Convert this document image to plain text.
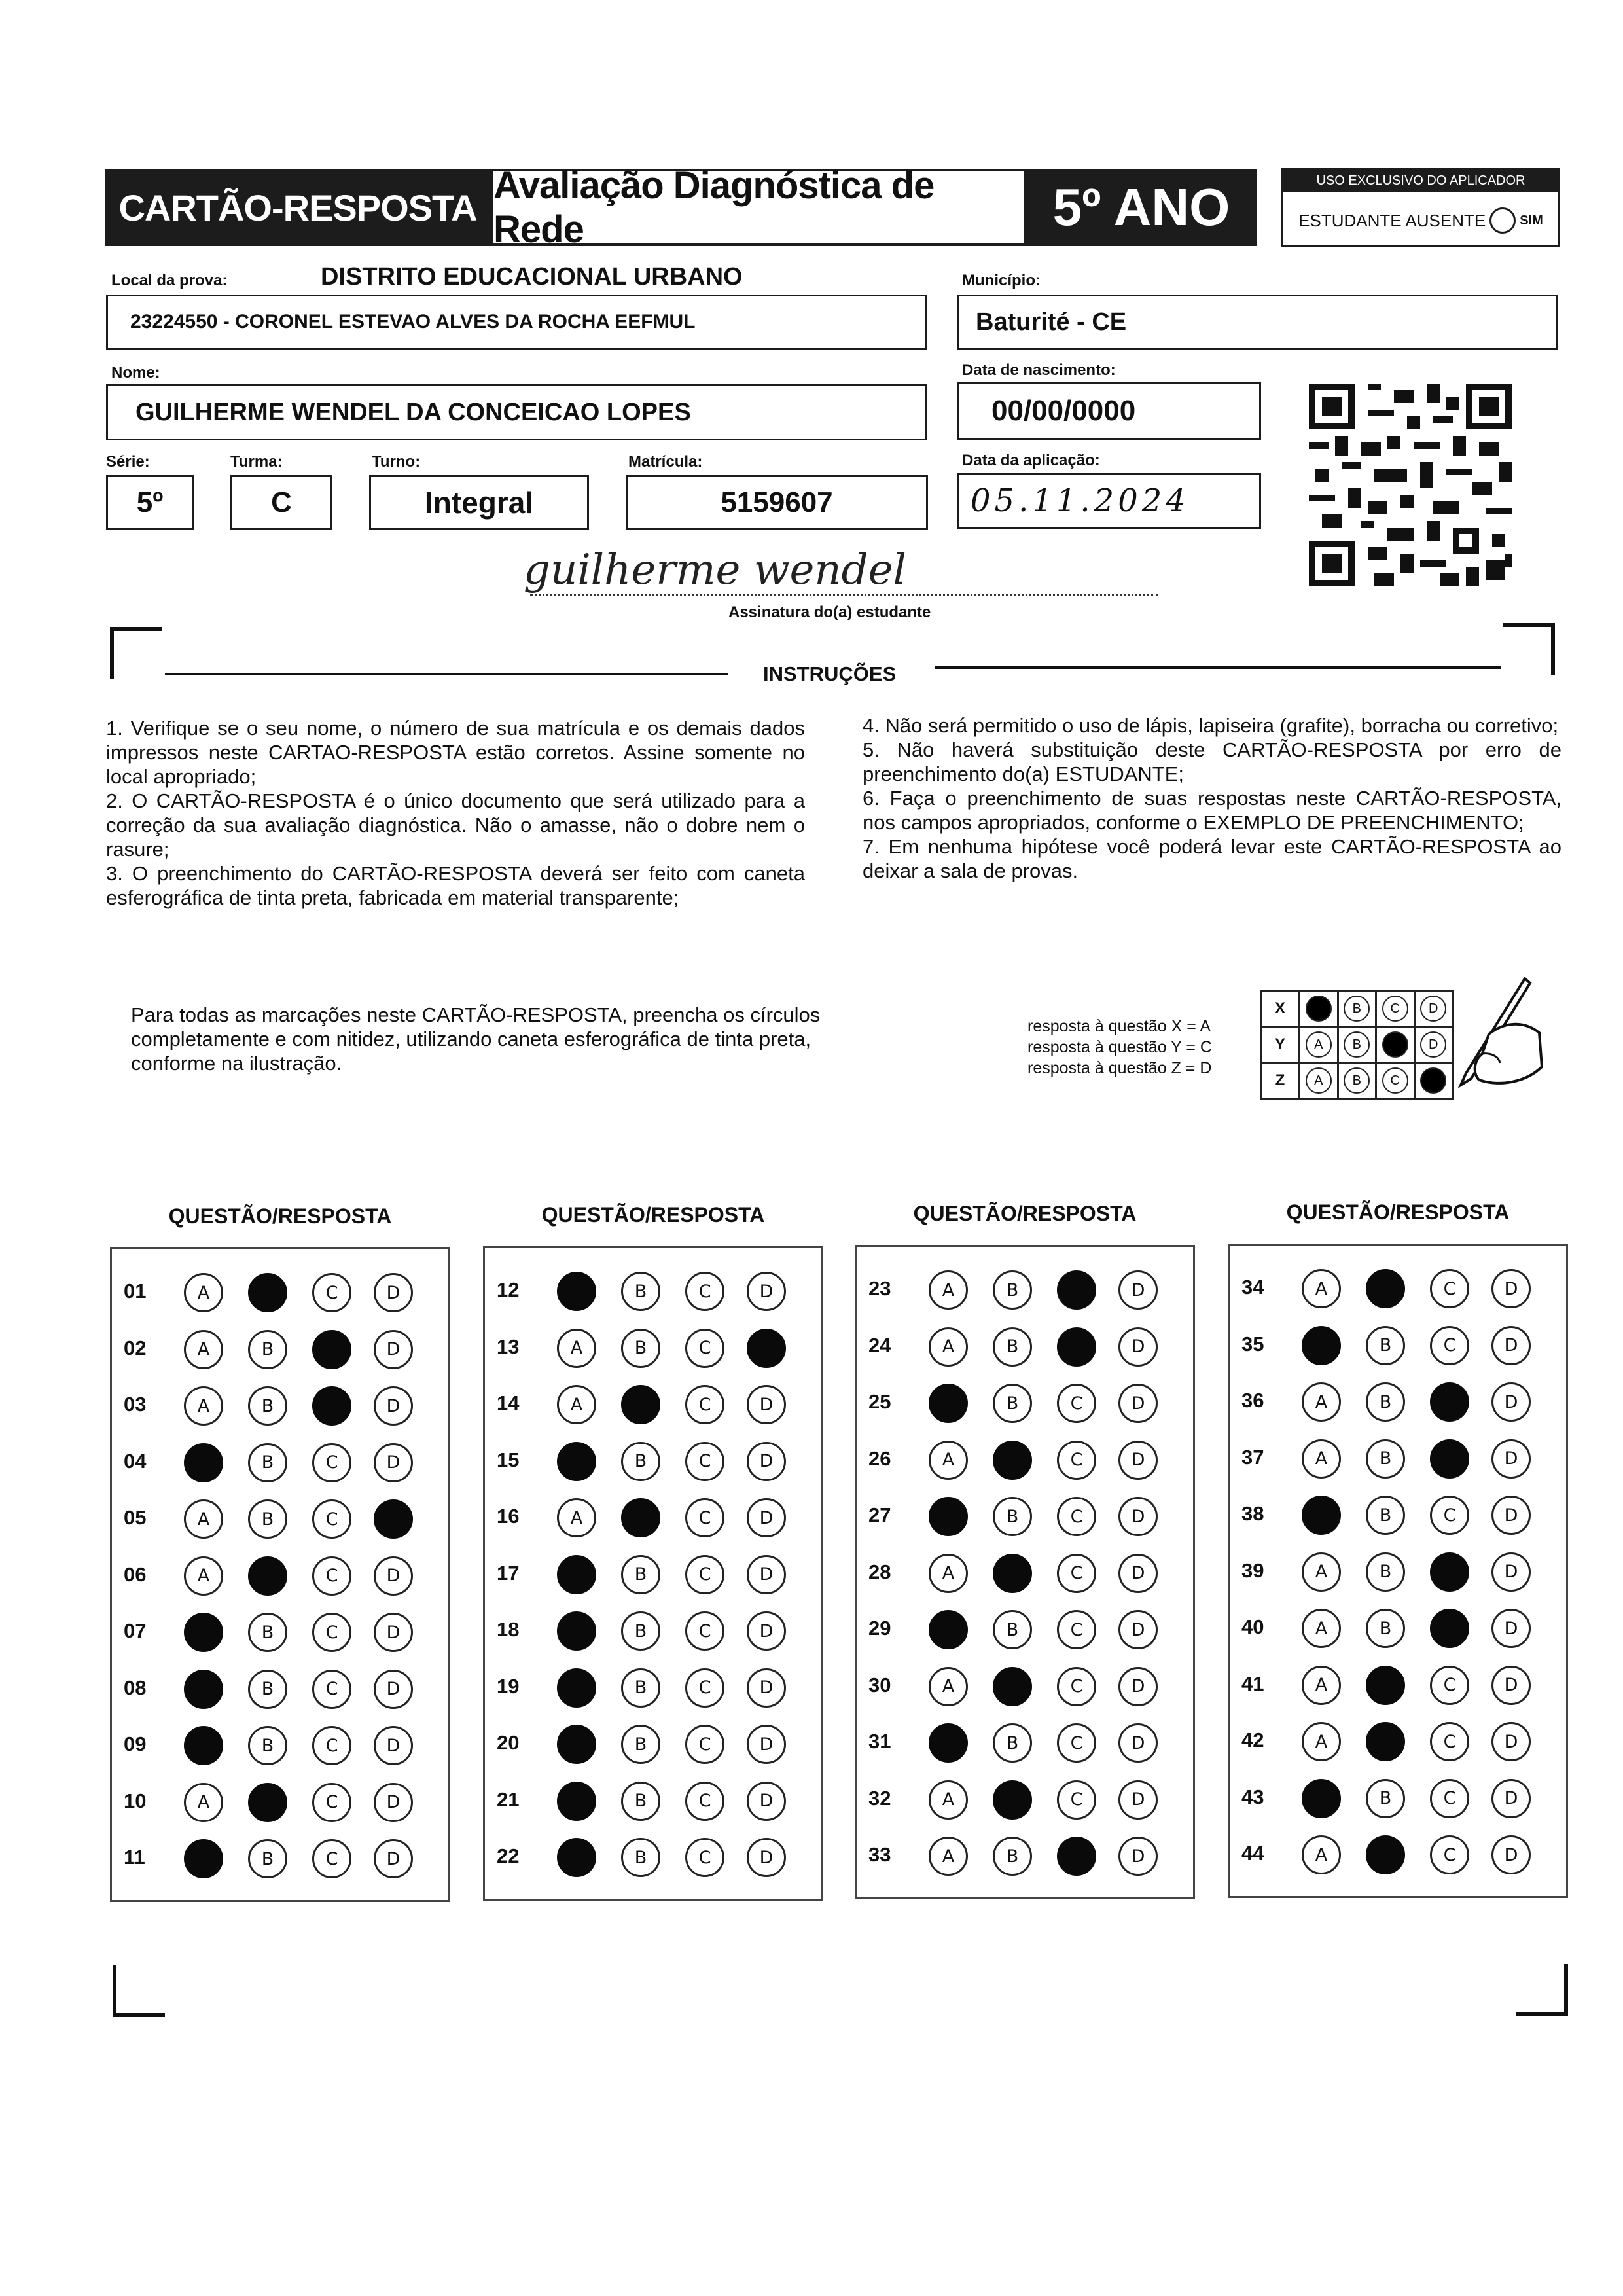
CARTÃO-RESPOSTA
Avaliação Diagnóstica de Rede	5º ANO	USO EXCLUSIVO DO APLICADOR
ESTUDANTE AUSENTE	SIM
Local da prova:	DISTRITO EDUCACIONAL URBANO
23224550 - CORONEL ESTEVAO ALVES DA ROCHA EEFMUL
Município:
Baturité - CE
Nome:
GUILHERME WENDEL DA CONCEICAO LOPES
Data de nascimento:
00/00/0000
Série:
5º
Turma:
C
Turno:
Integral
Matrícula:
5159607
Data da aplicação:
05.11.2024
guilherme wendel
Assinatura do(a) estudante
INSTRUÇÕES

1. Verifique se o seu nome, o número de sua matrícula e os demais dados impressos neste CARTAO-RESPOSTA estão corretos. Assine somente no local apropriado;

2. O CARTÃO-RESPOSTA é o único documento que será utilizado para a correção da sua avaliação diagnóstica. Não o amasse, não o dobre nem o rasure;

3. O preenchimento do CARTÃO-RESPOSTA deverá ser feito com caneta esferográfica de tinta preta, fabricada em material transparente;

4. Não será permitido o uso de lápis, lapiseira (grafite), borracha ou corretivo;

5. Não haverá substituição deste CARTÃO-RESPOSTA por erro de preenchimento do(a) ESTUDANTE;

6. Faça o preenchimento de suas respostas neste CARTÃO-RESPOSTA, nos campos apropriados, conforme o EXEMPLO DE PREENCHIMENTO;

7. Em nenhuma hipótese você poderá levar este CARTÃO-RESPOSTA ao deixar a sala de provas.

Para todas as marcações neste CARTÃO-RESPOSTA, preencha os círculos completamente e com nitidez, utilizando caneta esferográfica de tinta preta, conforme na ilustração.
resposta à questão X = A
resposta à questão Y = C
resposta à questão Z = D
X	A	B	C	D
Y	A	B	C	D
Z	A	B	C	D
QUESTÃO/RESPOSTA
01	A	B	C	D
02	A	B	C	D
03	A	B	C	D
04	A	B	C	D
05	A	B	C	D
06	A	B	C	D
07	A	B	C	D
08	A	B	C	D
09	A	B	C	D
10	A	B	C	D
11	A	B	C	D
QUESTÃO/RESPOSTA
12	A	B	C	D
13	A	B	C	D
14	A	B	C	D
15	A	B	C	D
16	A	B	C	D
17	A	B	C	D
18	A	B	C	D
19	A	B	C	D
20	A	B	C	D
21	A	B	C	D
22	A	B	C	D
QUESTÃO/RESPOSTA
23	A	B	C	D
24	A	B	C	D
25	A	B	C	D
26	A	B	C	D
27	A	B	C	D
28	A	B	C	D
29	A	B	C	D
30	A	B	C	D
31	A	B	C	D
32	A	B	C	D
33	A	B	C	D
QUESTÃO/RESPOSTA
34	A	B	C	D
35	A	B	C	D
36	A	B	C	D
37	A	B	C	D
38	A	B	C	D
39	A	B	C	D
40	A	B	C	D
41	A	B	C	D
42	A	B	C	D
43	A	B	C	D
44	A	B	C	D
